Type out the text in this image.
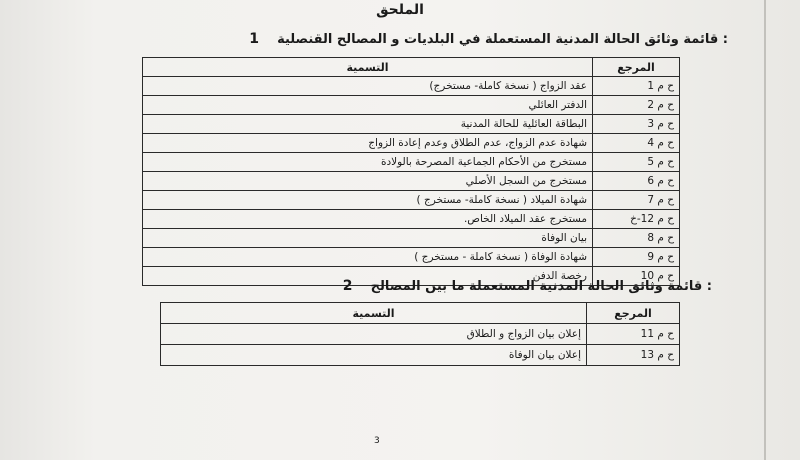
الملحق
: قائمة وثائق الحالة المدنية المستعملة في البلديات و المصالح القنصلية    1
المرجع	التسمية
ح م 1	عقد الزواج ( نسخة كاملة- مستخرج)
ح م 2	الدفتر العائلي
ح م 3	البطاقة العائلية للحالة المدنية
ح م 4	شهادة عدم الزواج، عدم الطلاق وعدم إعادة الزواج
ح م 5	مستخرج من الأحكام الجماعية المصرحة بالولادة
ح م 6	مستخرج من السجل الأصلي
ح م 7	شهادة الميلاد ( نسخة كاملة- مستخرج )
ح م 12-خ	مستخرج عقد الميلاد الخاص.
ح م 8	بيان الوفاة
ح م 9	شهادة الوفاة ( نسخة كاملة - مستخرج )
ح م 10	رخصة الدفن
: قائمة وثائق الحالة المدنية المستعملة ما بين المصالح    2
المرجع	التسمية
ح م 11	إعلان بيان الزواج و الطلاق
ح م 13	إعلان بيان الوفاة
3
